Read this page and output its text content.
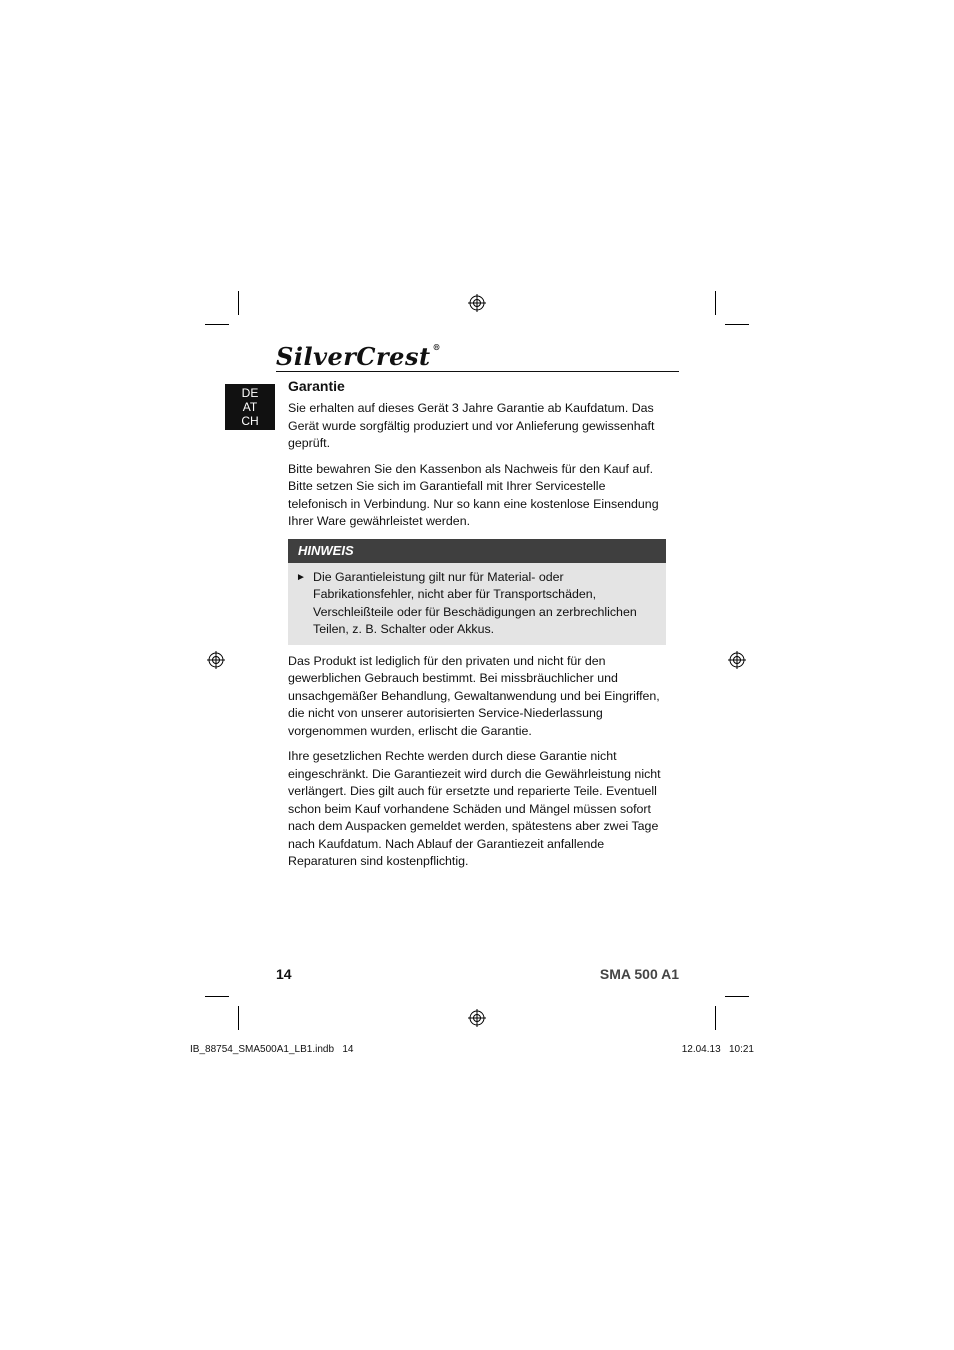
SilverCrest ®
DE
AT
CH
Garantie

Sie erhalten auf dieses Gerät 3 Jahre Garantie ab Kaufdatum. Das Gerät wurde sorgfältig produziert und vor Anlieferung gewissenhaft geprüft.

Bitte bewahren Sie den Kassenbon als Nachweis für den Kauf auf. Bitte setzen Sie sich im Garantiefall mit Ihrer Servicestelle telefonisch in Verbindung. Nur so kann eine kostenlose Einsendung Ihrer Ware gewährleistet werden.

HINWEIS
► Die Garantieleistung gilt nur für Material- oder Fabrikationsfehler, nicht aber für Transportschäden, Verschleißteile oder für Beschädigungen an zerbrechlichen Teilen, z. B. Schalter oder Akkus.

Das Produkt ist lediglich für den privaten und nicht für den gewerblichen Gebrauch bestimmt. Bei missbräuchlicher und unsachgemäßer Behandlung, Gewaltanwendung und bei Eingriffen, die nicht von unserer autorisierten Service-Niederlassung vorgenommen wurden, erlischt die Garantie.

Ihre gesetzlichen Rechte werden durch diese Garantie nicht eingeschränkt. Die Garantiezeit wird durch die Gewährleistung nicht verlängert. Dies gilt auch für ersetzte und reparierte Teile. Eventuell schon beim Kauf vorhandene Schäden und Mängel müssen sofort nach dem Auspacken gemeldet werden, spätestens aber zwei Tage nach Kaufdatum. Nach Ablauf der Garantiezeit anfallende Reparaturen sind kostenpflichtig.

14	SMA 500 A1
IB_88754_SMA500A1_LB1.indb   14	12.04.13   10:21
